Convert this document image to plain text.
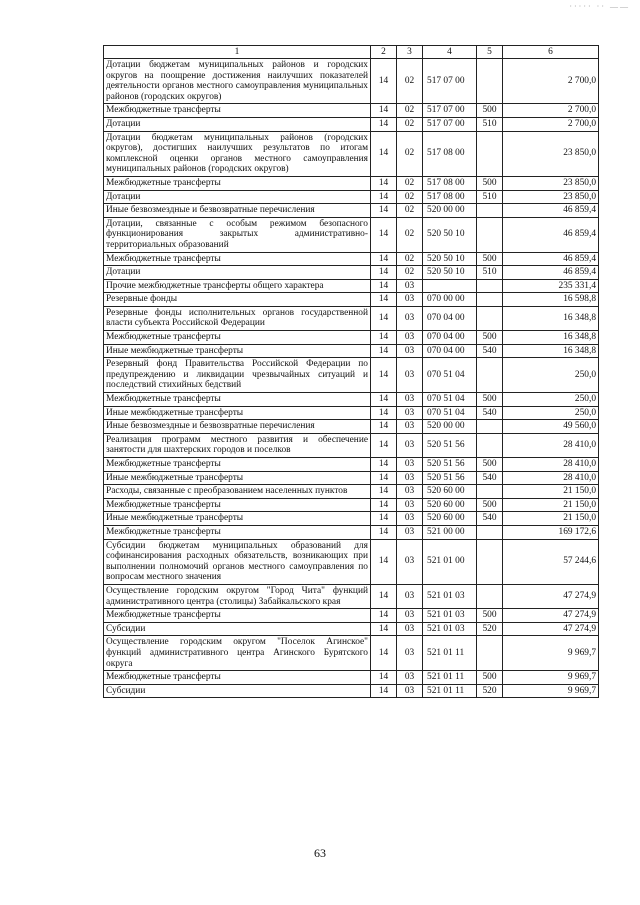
····· ·· ——
1	2	3	4	5	6
Дотации бюджетам муниципальных районов и городских округов на поощрение достижения наилучших показателей деятельности органов местного самоуправления муниципальных районов (городских округов)	14	02	517 07 00		2 700,0
Межбюджетные трансферты	14	02	517 07 00	500	2 700,0
Дотации	14	02	517 07 00	510	2 700,0
Дотации бюджетам муниципальных районов (городских округов), достигших наилучших результатов по итогам комплексной оценки органов местного самоуправления муниципальных районов (городских округов)	14	02	517 08 00		23 850,0
Межбюджетные трансферты	14	02	517 08 00	500	23 850,0
Дотации	14	02	517 08 00	510	23 850,0
Иные безвозмездные и безвозвратные перечисления	14	02	520 00 00		46 859,4
Дотации, связанные с особым режимом безопасного функционирования закрытых административно-территориальных образований	14	02	520 50 10		46 859,4
Межбюджетные трансферты	14	02	520 50 10	500	46 859,4
Дотации	14	02	520 50 10	510	46 859,4
Прочие межбюджетные трансферты общего характера	14	03			235 331,4
Резервные фонды	14	03	070 00 00		16 598,8
Резервные фонды исполнительных органов государственной власти субъекта Российской Федерации	14	03	070 04 00		16 348,8
Межбюджетные трансферты	14	03	070 04 00	500	16 348,8
Иные межбюджетные трансферты	14	03	070 04 00	540	16 348,8
Резервный фонд Правительства Российской Федерации по предупреждению и ликвидации чрезвычайных ситуаций и последствий стихийных бедствий	14	03	070 51 04		250,0
Межбюджетные трансферты	14	03	070 51 04	500	250,0
Иные межбюджетные трансферты	14	03	070 51 04	540	250,0
Иные безвозмездные и безвозвратные перечисления	14	03	520 00 00		49 560,0
Реализация программ местного развития и обеспечение занятости для шахтерских городов и поселков	14	03	520 51 56		28 410,0
Межбюджетные трансферты	14	03	520 51 56	500	28 410,0
Иные межбюджетные трансферты	14	03	520 51 56	540	28 410,0
Расходы, связанные с преобразованием населенных пунктов	14	03	520 60 00		21 150,0
Межбюджетные трансферты	14	03	520 60 00	500	21 150,0
Иные межбюджетные трансферты	14	03	520 60 00	540	21 150,0
Межбюджетные трансферты	14	03	521 00 00		169 172,6
Субсидии бюджетам муниципальных образований для софинансирования расходных обязательств, возникающих при выполнении полномочий органов местного самоуправления по вопросам местного значения	14	03	521 01 00		57 244,6
Осуществление городским округом "Город Чита" функций административного центра (столицы) Забайкальского края	14	03	521 01 03		47 274,9
Межбюджетные трансферты	14	03	521 01 03	500	47 274,9
Субсидии	14	03	521 01 03	520	47 274,9
Осуществление городским округом "Поселок Агинское" функций административного центра Агинского Бурятского округа	14	03	521 01 11		9 969,7
Межбюджетные трансферты	14	03	521 01 11	500	9 969,7
Субсидии	14	03	521 01 11	520	9 969,7
63
